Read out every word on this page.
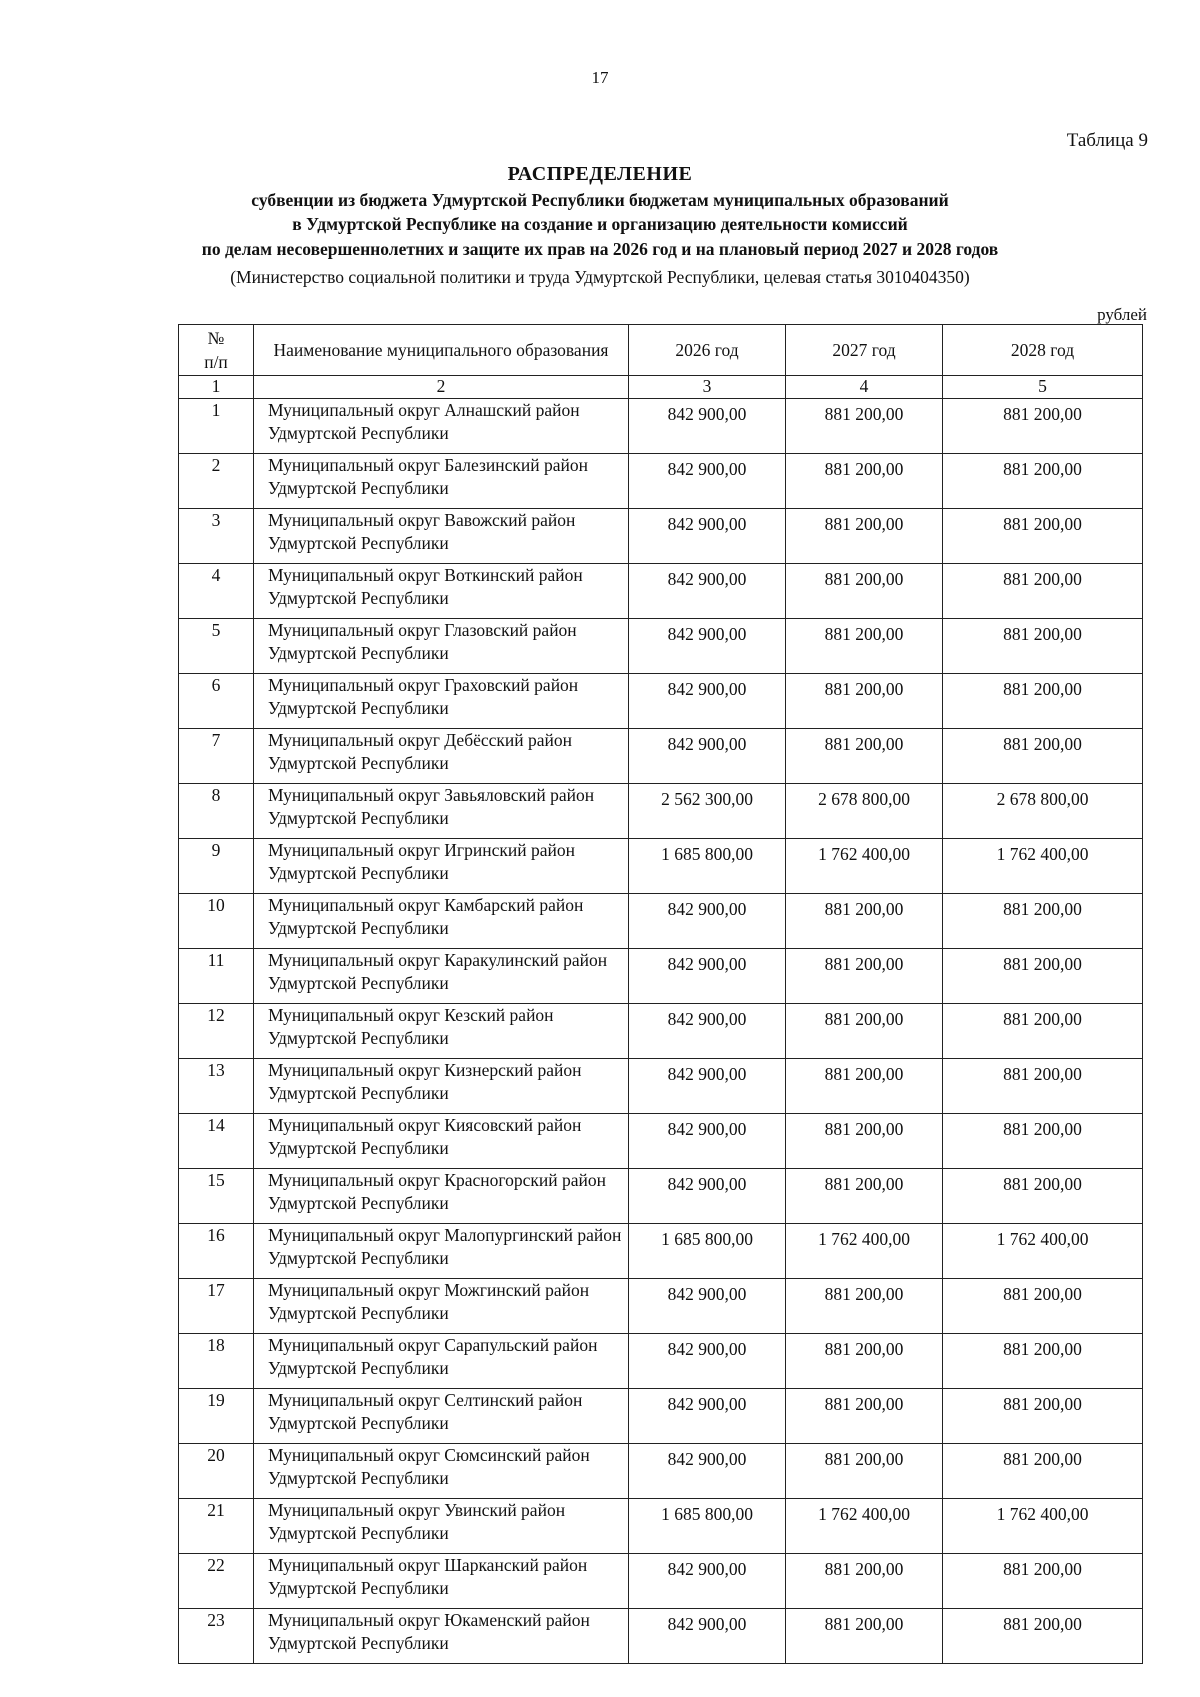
17
Таблица 9
РАСПРЕДЕЛЕНИЕ
субвенции из бюджета Удмуртской Республики бюджетам муниципальных образований
в Удмуртской Республике на создание и организацию деятельности комиссий
по делам несовершеннолетних и защите их прав на 2026 год и на плановый период 2027 и 2028 годов
(Министерство социальной политики и труда Удмуртской Республики, целевая статья 3010404350)
рублей
№
п/п	Наименование муниципального образования	2026 год	2027 год	2028 год
1	2	3	4	5
1	Муниципальный округ Алнашский район Удмуртской Республики	842 900,00	881 200,00	881 200,00
2	Муниципальный округ Балезинский район Удмуртской Республики	842 900,00	881 200,00	881 200,00
3	Муниципальный округ Вавожский район Удмуртской Республики	842 900,00	881 200,00	881 200,00
4	Муниципальный округ Воткинский район Удмуртской Республики	842 900,00	881 200,00	881 200,00
5	Муниципальный округ Глазовский район Удмуртской Республики	842 900,00	881 200,00	881 200,00
6	Муниципальный округ Граховский район Удмуртской Республики	842 900,00	881 200,00	881 200,00
7	Муниципальный округ Дебёсский район Удмуртской Республики	842 900,00	881 200,00	881 200,00
8	Муниципальный округ Завьяловский район Удмуртской Республики	2 562 300,00	2 678 800,00	2 678 800,00
9	Муниципальный округ Игринский район Удмуртской Республики	1 685 800,00	1 762 400,00	1 762 400,00
10	Муниципальный округ Камбарский район Удмуртской Республики	842 900,00	881 200,00	881 200,00
11	Муниципальный округ Каракулинский район Удмуртской Республики	842 900,00	881 200,00	881 200,00
12	Муниципальный округ Кезский район Удмуртской Республики	842 900,00	881 200,00	881 200,00
13	Муниципальный округ Кизнерский район Удмуртской Республики	842 900,00	881 200,00	881 200,00
14	Муниципальный округ Киясовский район Удмуртской Республики	842 900,00	881 200,00	881 200,00
15	Муниципальный округ Красногорский район Удмуртской Республики	842 900,00	881 200,00	881 200,00
16	Муниципальный округ Малопургинский район Удмуртской Республики	1 685 800,00	1 762 400,00	1 762 400,00
17	Муниципальный округ Можгинский район Удмуртской Республики	842 900,00	881 200,00	881 200,00
18	Муниципальный округ Сарапульский район Удмуртской Республики	842 900,00	881 200,00	881 200,00
19	Муниципальный округ Селтинский район Удмуртской Республики	842 900,00	881 200,00	881 200,00
20	Муниципальный округ Сюмсинский район Удмуртской Республики	842 900,00	881 200,00	881 200,00
21	Муниципальный округ Увинский район Удмуртской Республики	1 685 800,00	1 762 400,00	1 762 400,00
22	Муниципальный округ Шарканский район Удмуртской Республики	842 900,00	881 200,00	881 200,00
23	Муниципальный округ Юкаменский район Удмуртской Республики	842 900,00	881 200,00	881 200,00
